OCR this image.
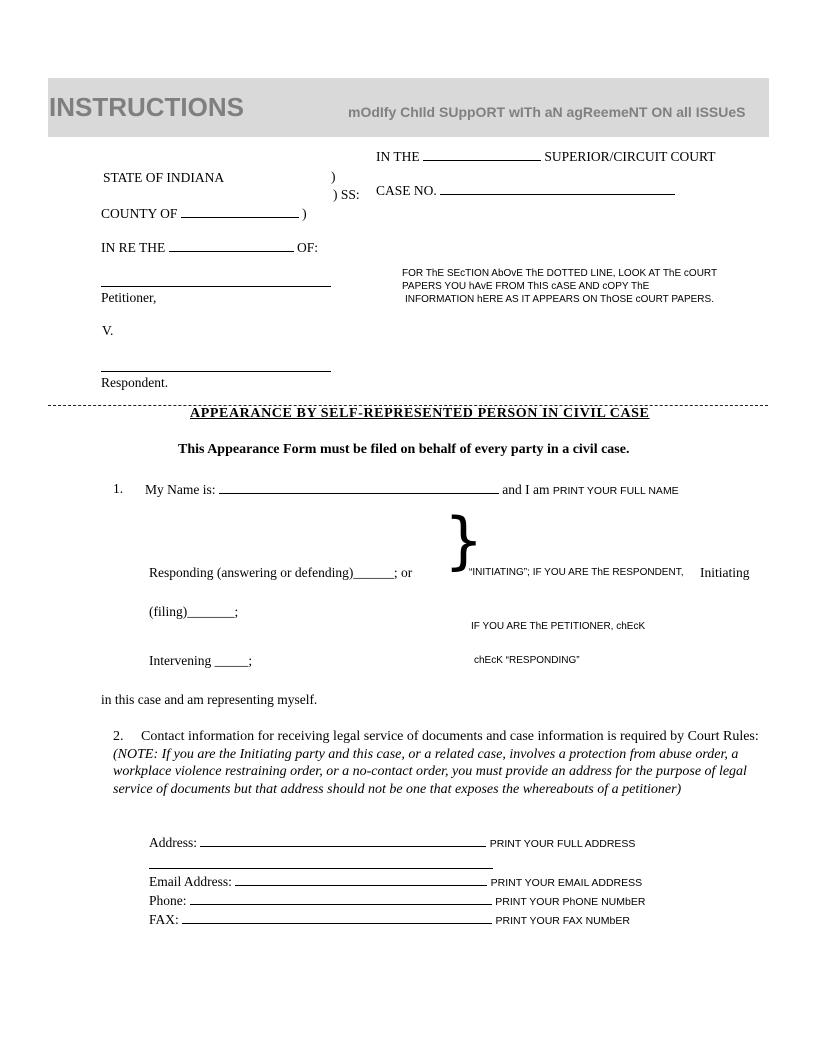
INSTRUCTIONS	mOdIfy ChIld SUppORT wITh aN agReemeNT ON all ISSUeS
IN THE	SUPERIOR/CIRCUIT COURT
CASE NO.
STATE OF INDIANA	)
) SS:
COUNTY OF	)
IN RE THE	OF:
Petitioner,
V.
Respondent.
FOR ThE SEcTION AbOvE ThE DOTTED LINE, LOOK AT ThE cOURT
PAPERS YOU hAvE FROM ThIS cASE AND cOPY ThE
INFORMATION hERE AS IT APPEARS ON ThOSE cOURT PAPERS.
APPEARANCE BY SELF-REPRESENTED PERSON IN CIVIL CASE
This Appearance Form must be filed on behalf of every party in a civil case.
1. My Name is:	and I am PRINT YOUR FULL NAME
}
Responding (answering or defending)______; or	“INITIATING”; IF YOU ARE ThE RESPONDENT, Initiating
(filing)_______;
IF YOU ARE ThE PETITIONER, chEcK
Intervening _____;	chEcK “RESPONDING”
in this case and am representing myself.
2. Contact information for receiving legal service of documents and case information is required by Court Rules:   (NOTE: If you are the Initiating party and this case, or a related case, involves a protection from abuse order, a workplace violence restraining order, or a no-contact order, you must provide an address for the purpose of legal service of documents but that address should not be one that exposes the whereabouts of a petitioner)
Address:	PRINT YOUR FULL ADDRESS
Email Address:	PRINT YOUR EMAIL ADDRESS
Phone:	PRINT YOUR PhONE NUMbER
FAX:	PRINT YOUR FAX NUMbER
